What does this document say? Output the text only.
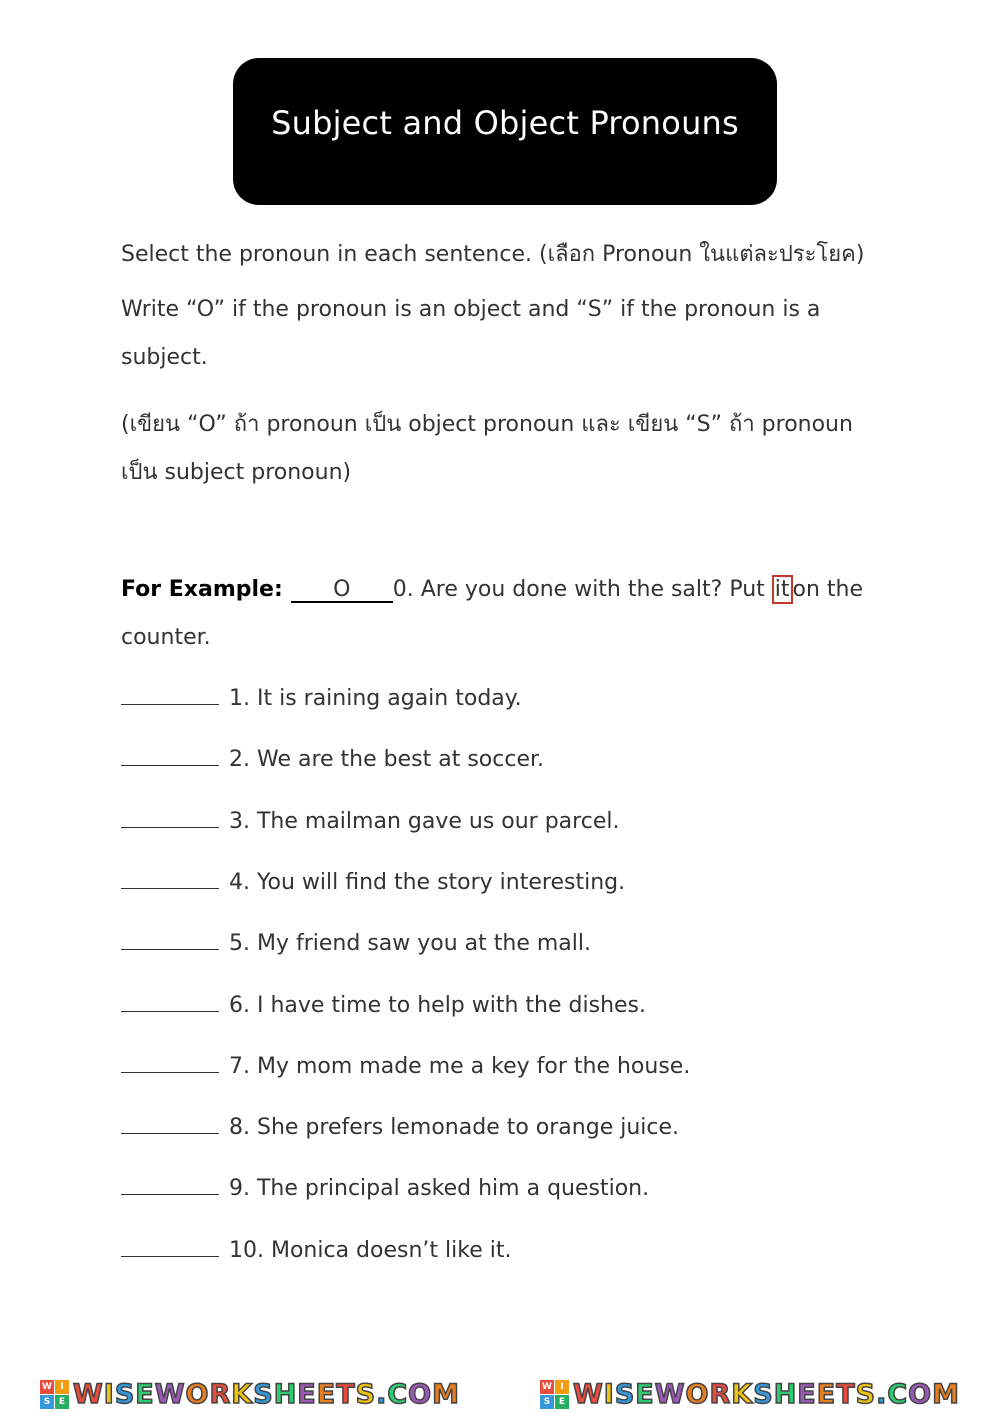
Subject and Object Pronouns
Select the pronoun in each sentence. (เลือก Pronoun ในแต่ละประโยค)
Write “O” if the pronoun is an object and “S” if the pronoun is a
subject.
(เขียน “O” ถ้า pronoun เป็น object pronoun และ เขียน “S” ถ้า pronoun
เป็น subject pronoun)
For Example: O 0. Are you done with the salt? Put it on the
counter.
1. It is raining again today.
2. We are the best at soccer.
3. The mailman gave us our parcel.
4. You will find the story interesting.
5. My friend saw you at the mall.
6. I have time to help with the dishes.
7. My mom made me a key for the house.
8. She prefers lemonade to orange juice.
9. The principal asked him a question.
10. Monica doesn’t like it.
W I
S E WISEWORKSHEETS.COM	W I
S E WISEWORKSHEETS.COM
